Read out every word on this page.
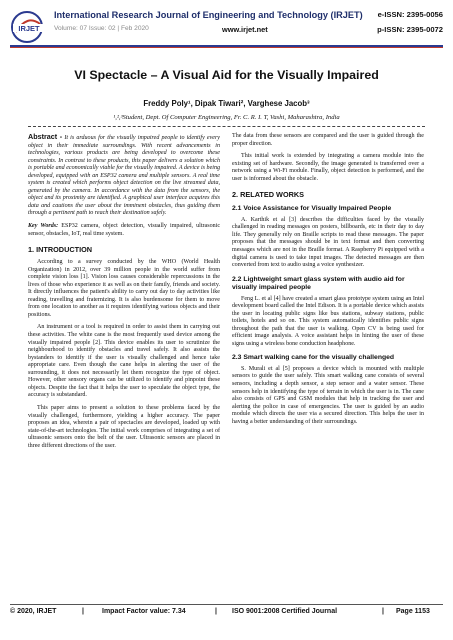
IRJET
International Research Journal of Engineering and Technology (IRJET) e-ISSN: 2395-0056
Volume: 07 Issue: 02 | Feb 2020	www.irjet.net	p-ISSN: 2395-0072
VI Spectacle – A Visual Aid for the Visually Impaired
Freddy Poly¹, Dipak Tiwari², Varghese Jacob³
¹,²,³Student, Dept. Of Computer Engineering, Fr. C. R. I. T, Vashi, Maharashtra, India

Abstract - It is arduous for the visually impaired people to identify every object in their immediate surroundings. With recent advancements in technologies, various products are being developed to overcome these constraints. In contrast to these products, this paper delivers a solution which is portable and economically viable for the visually impaired. A device is being developed, equipped with an ESP32 camera and multiple sensors. A real time system is created which performs object detection on the live streamed data, generated by the camera. In accordance with the data from the sensors, the object and its proximity are identified. A graphical user interface acquires this data and cautions the user about the imminent obstacles, thus guiding them through a pertinent path to reach their destination safely.

Key Words: ESP32 camera, object detection, visually impaired, ultrasonic sensor, obstacles, IoT, real time system.

1. INTRODUCTION

According to a survey conducted by the WHO (World Health Organization) in 2012, over 39 million people in the world suffer from complete vision loss [1]. Vision loss causes considerable repercussions in the lives of those who experience it as well as on their family, friends and society. It directly influences the patient's ability to carry out day to day activities like reading, travelling and fraternizing. It is also burdensome for them to move from one location to another as it requires identifying various objects and their positions.

An instrument or a tool is required in order to assist them in carrying out these activities. The white cane is the most frequently used device among the visually impaired people [2]. This device enables its user to scrutinize the neighbourhood to identify obstacles and travel safely. It also assists the bystanders to identify if the user is visually challenged and hence take appropriate care. Even though the cane helps in alerting the user of the surrounding, it does not necessarily let them recognize the type of object. However, other sensory organs can be utilized to identify and pinpoint these objects. Despite the fact that it helps the user to speculate the object type, the accuracy is substandard.

This paper aims to present a solution to these problems faced by the visually challenged, furthermore, yielding a higher accuracy. The paper proposes an idea, wherein a pair of spectacles are developed, loaded up with state-of-the-art technologies. The initial work comprises of integrating a set of ultrasonic sensors onto the belt of the user. Ultrasonic sensors are placed in three different directions of the user.

The data from these sensors are compared and the user is guided through the proper direction.

This initial work is extended by integrating a camera module into the existing set of hardware. Secondly, the image generated is transferred over a network using a Wi-Fi module. Finally, object detection is performed, and the user is informed about the obstacle.

2. RELATED WORKS
2.1 Voice Assistance for Visually Impaired People

A. Karthik et al [3] describes the difficulties faced by the visually challenged in reading messages on posters, billboards, etc in their day to day life. They generally rely on Braille scripts to read these messages. The paper proposes that the messages should be in text format and then converting messages which are not in the Braille format. A Raspberry Pi equipped with a digital camera is used to take input images. The detected messages are then converted from text to audio using a voice synthesizer.

2.2 Lightweight smart glass system with audio aid for visually impaired people

Feng L. et al [4] have created a smart glass prototype system using an Intel development board called the Intel Edison. It is a portable device which assists the user in locating public signs like bus stations, subway stations, public toilets, hotels and so on. This system automatically identifies public signs throughout the path that the user is walking. Open CV is being used for efficient image analysis. A voice assistant helps in hinting the user of these signs using a wireless bone conduction headphone.

2.3 Smart walking cane for the visually challenged

S. Murali et al [5] proposes a device which is mounted with multiple sensors to guide the user safely. This smart walking cane consists of several sensors, including a depth sensor, a step sensor and a water sensor. These sensors help in identifying the type of terrain in which the user is in. The cane also consists of GPS and GSM modules that help in tracking the user and alerting the police in case of emergencies. The user is guided by an audio module which directs the user via a secured direction. This helps the user in having a better understanding of their surroundings.

© 2020, IRJET	|	Impact Factor value: 7.34	| ISO 9001:2008 Certified Journal	| Page 1153
